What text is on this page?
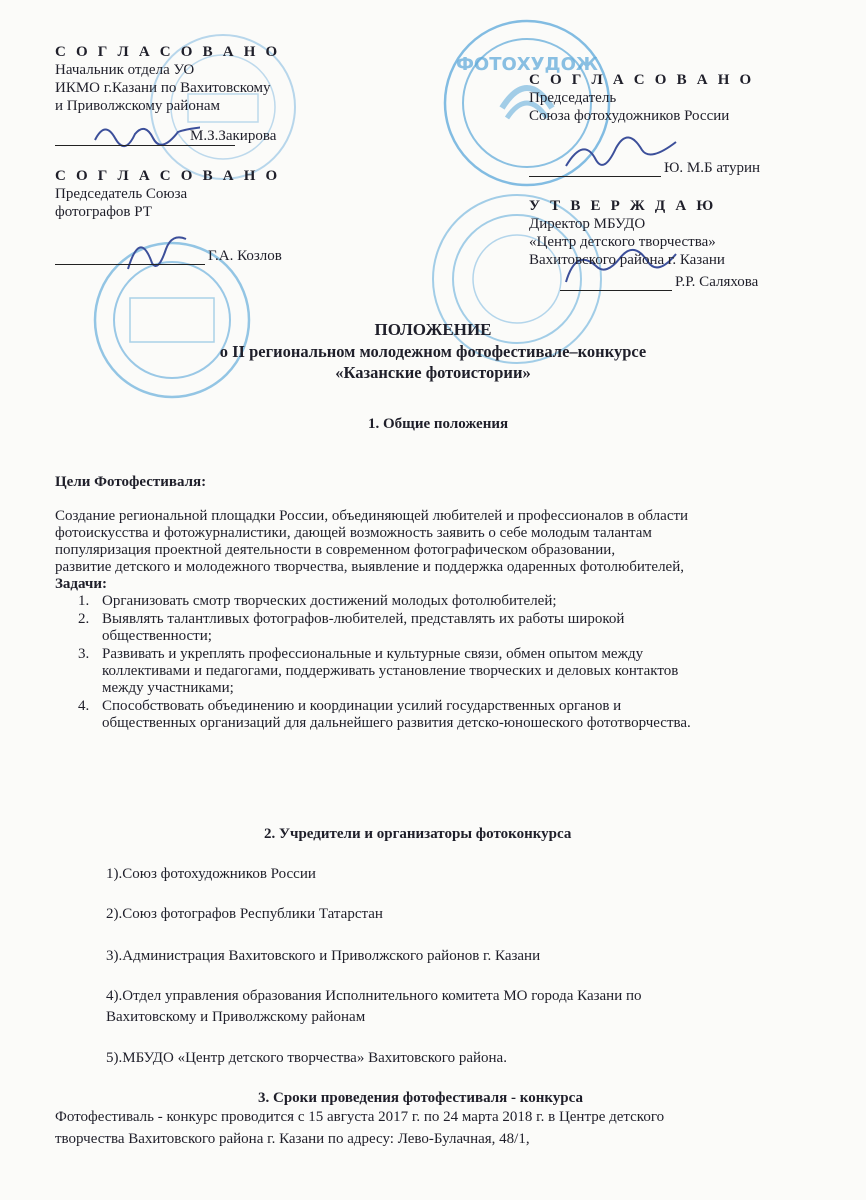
ФОТОХУДОЖ
С О Г Л А С О В А Н О
Начальник отдела УО
ИКМО г.Казани по Вахитовскому
и Приволжскому районам
М.З.Закирова
С О Г Л А С О В А Н О
Председатель Союза
фотографов РТ
Г.А. Козлов
С О Г Л А С О В А Н О
Председатель
Союза фотохудожников России
Ю. М.Б атурин
У Т В Е Р Ж Д А Ю
Директор МБУДО
«Центр детского творчества»
Вахитовского района г. Казани
Р.Р. Саляхова
ПОЛОЖЕНИЕ
о II региональном молодежном фотофестивале–конкурсе
«Казанские фотоистории»
1. Общие положения
Цели Фотофестиваля:
Создание региональной площадки России, объединяющей любителей и профессионалов в области
фотоискусства и фотожурналистики, дающей возможность заявить о себе молодым талантам
популяризация проектной деятельности в современном фотографическом образовании,
развитие детского и молодежного творчества, выявление и поддержка одаренных фотолюбителей,
Задачи:
1. Организовать смотр творческих достижений молодых фотолюбителей;
2. Выявлять талантливых фотографов-любителей, представлять их работы широкой
общественности;
3. Развивать и укреплять профессиональные и культурные связи, обмен опытом между
коллективами и педагогами, поддерживать установление творческих и деловых контактов
между участниками;
4. Способствовать объединению и координации усилий государственных органов и
общественных организаций для дальнейшего развития детско-юношеского фототворчества.
2. Учредители и организаторы фотоконкурса
1).Союз фотохудожников России
2).Союз фотографов Республики Татарстан
3).Администрация Вахитовского и Приволжского районов г. Казани
4).Отдел управления образования Исполнительного комитета МО города Казани по
Вахитовскому и Приволжскому районам
5).МБУДО «Центр детского творчества» Вахитовского района.
3. Сроки проведения фотофестиваля - конкурса
Фотофестиваль - конкурс проводится с 15 августа 2017 г. по 24 марта 2018 г. в Центре детского
творчества Вахитовского района г. Казани по адресу: Лево-Булачная, 48/1,
